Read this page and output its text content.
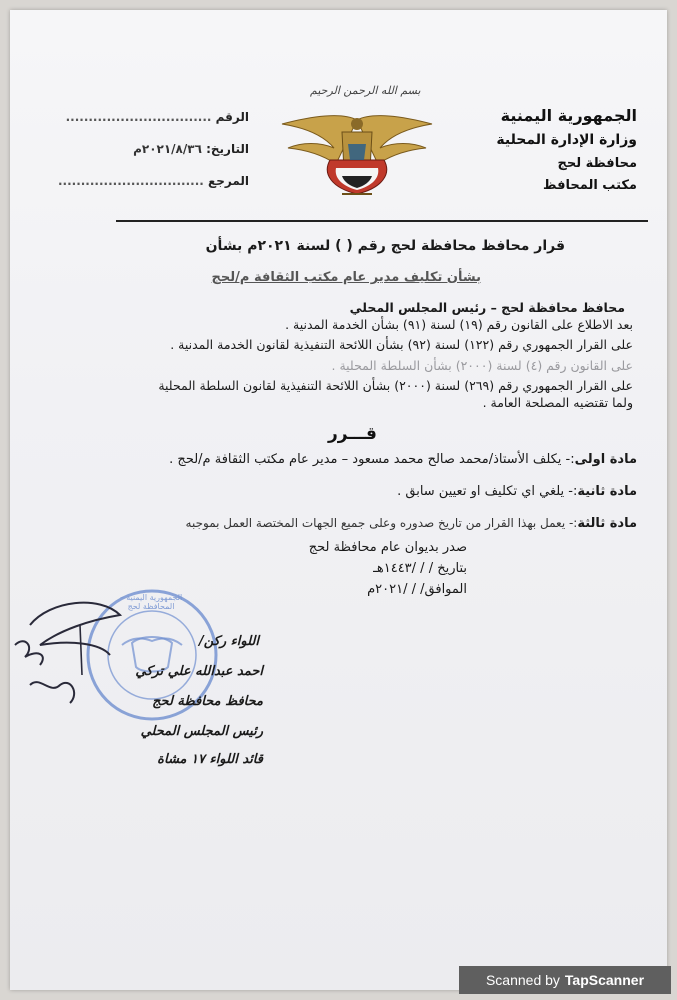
الجمهورية اليمنية
وزارة الإدارة المحلية
محافظة لحج
مكتب المحافظ
بسم الله الرحمن الرحيم
الرقم ................................
التاريخ: ٢٠٢١/٨/٣٦م
المرجع ................................
قرار محافظ محافظة لحج رقم ( ) لسنة ٢٠٢١م بشأن
بشأن تكليف مدير عام مكتب الثقافة م/لحج
محافظ محافظة لحج – رئيس المجلس المحلي
بعد الاطلاع على القانون رقم (١٩) لسنة (٩١) بشأن الخدمة المدنية .
على القرار الجمهوري رقم (١٢٢) لسنة (٩٢) بشأن اللائحة التنفيذية لقانون الخدمة المدنية .
على القانون رقم (٤) لسنة (٢٠٠٠) بشأن السلطة المحلية .
على القرار الجمهوري رقم (٢٦٩) لسنة (٢٠٠٠) بشأن اللائحة التنفيذية لقانون السلطة المحلية
ولما تقتضيه المصلحة العامة .
قـــرر
مادة اولى:- يكلف الأستاذ/محمد صالح محمد مسعود – مدير عام مكتب الثقافة م/لحج .
مادة ثانية:- يلغي اي تكليف او تعيين سابق .
مادة ثالثة:- يعمل بهذا القرار من تاريخ صدوره وعلى جميع الجهات المختصة العمل بموجبه
صدر بديوان عام محافظة لحج
بتاريخ / / /١٤٤٣هـ
الموافق/ / /٢٠٢١م
الجمهورية اليمنية – المحافظة لحج
اللواء ركن/
احمد عبدالله علي تركي
محافظ محافظة لحج
رئيس المجلس المحلي
قائد اللواء ١٧ مشاة
Scanned by TapScanner
